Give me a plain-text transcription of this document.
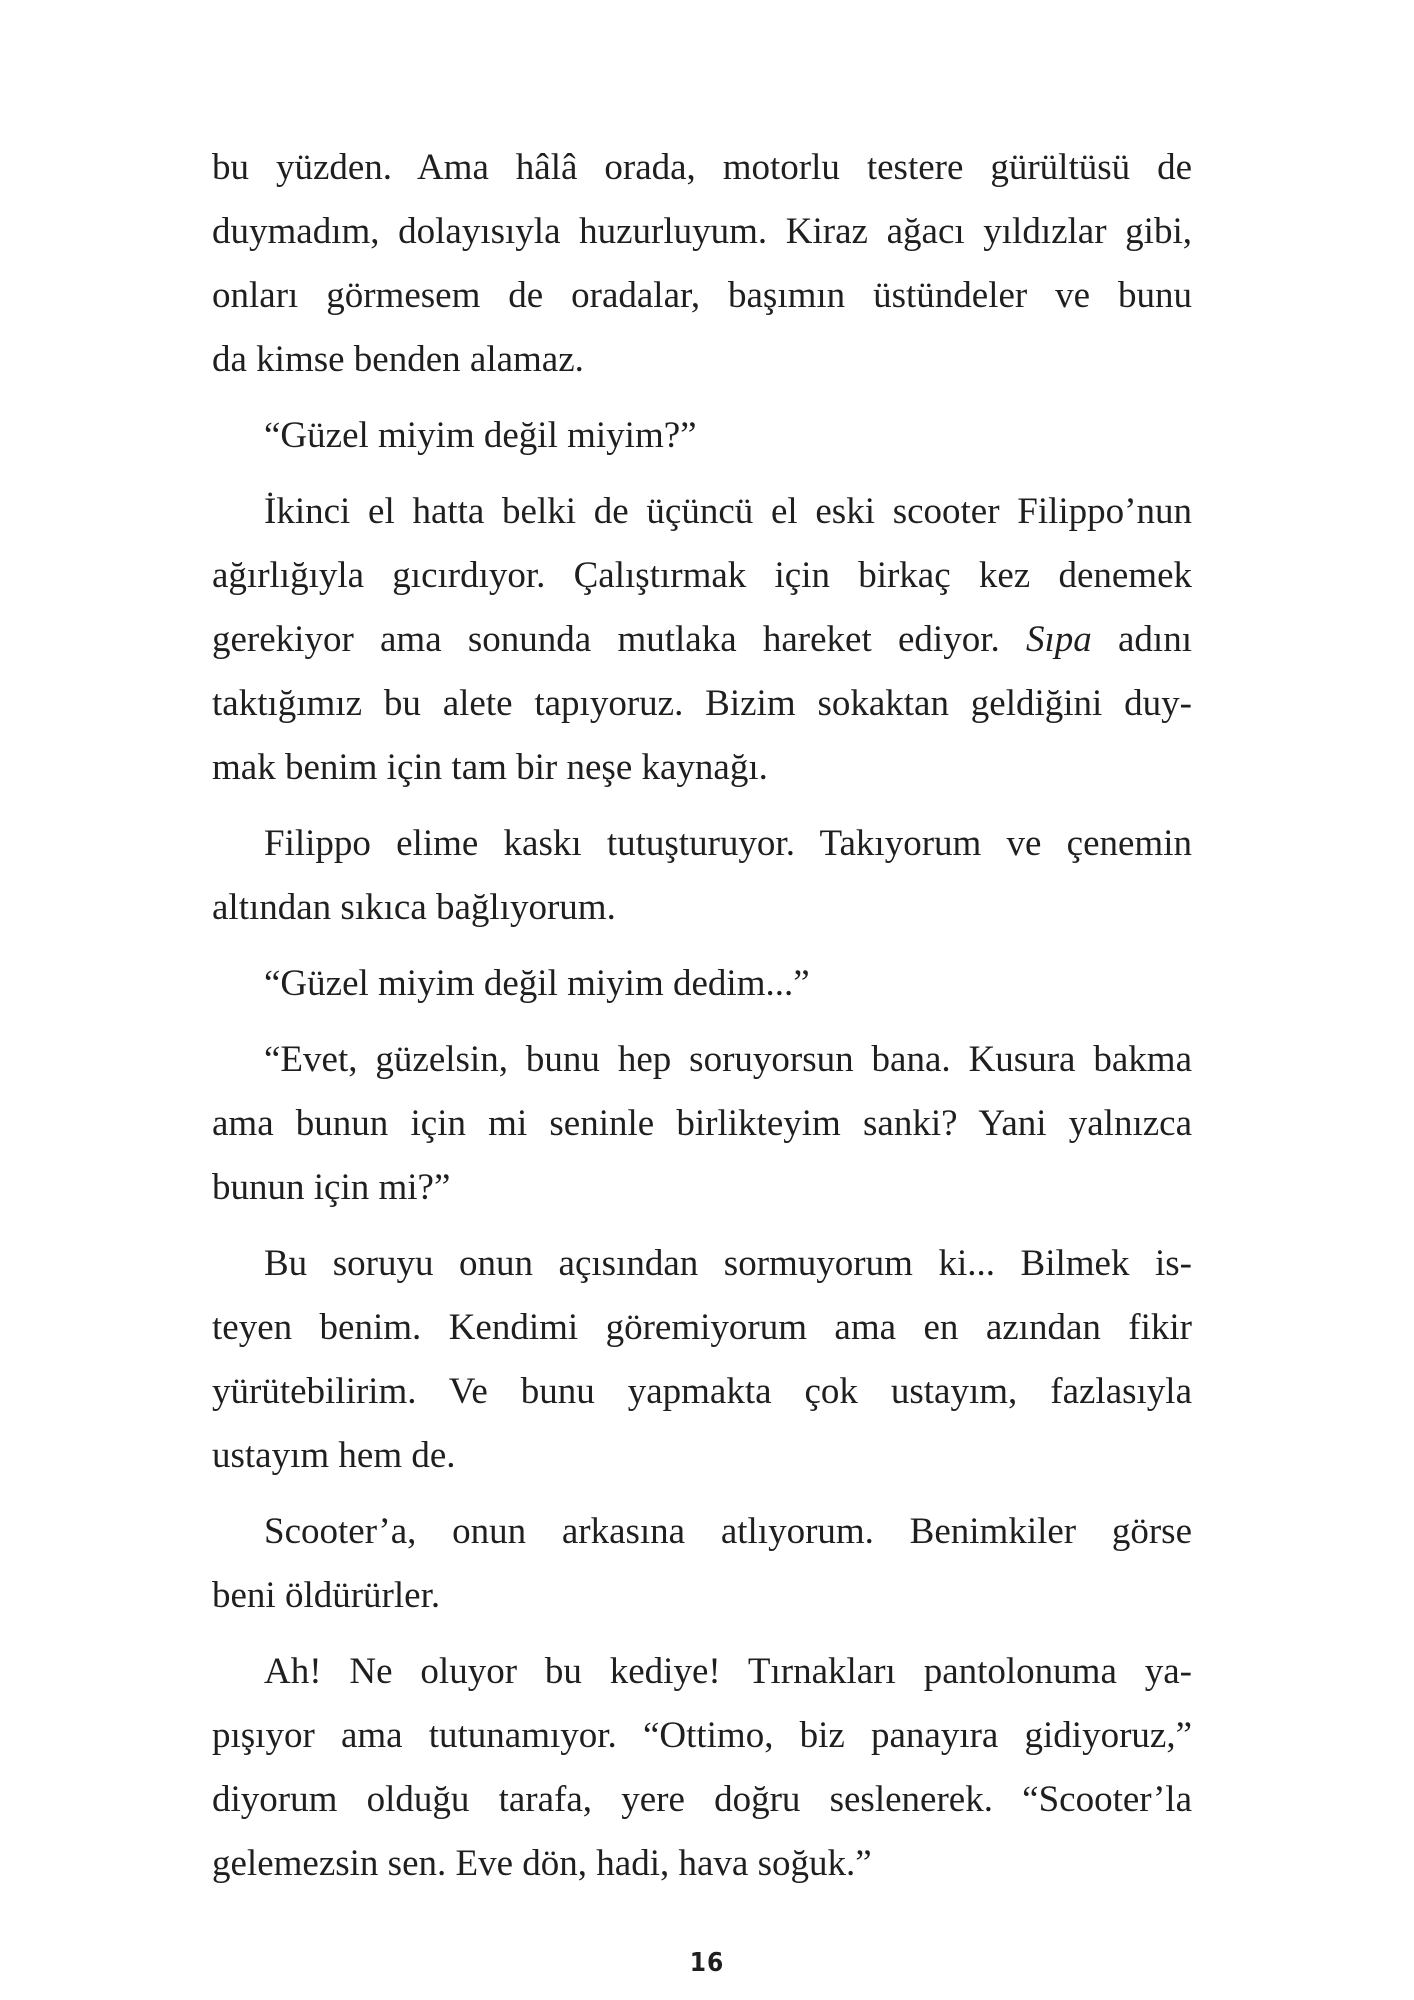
bu yüzden. Ama hâlâ orada, motorlu testere gürültüsü de
duymadım, dolayısıyla huzurluyum. Kiraz ağacı yıldızlar gibi,
onları görmesem de oradalar, başımın üstündeler ve bunu
da kimse benden alamaz.
“Güzel miyim değil miyim?”
İkinci el hatta belki de üçüncü el eski scooter Filippo’nun
ağırlığıyla gıcırdıyor. Çalıştırmak için birkaç kez denemek
gerekiyor ama sonunda mutlaka hareket ediyor. Sıpa adını
taktığımız bu alete tapıyoruz. Bizim sokaktan geldiğini duy-
mak benim için tam bir neşe kaynağı.
Filippo elime kaskı tutuşturuyor. Takıyorum ve çenemin
altından sıkıca bağlıyorum.
“Güzel miyim değil miyim dedim...”
“Evet, güzelsin, bunu hep soruyorsun bana. Kusura bakma
ama bunun için mi seninle birlikteyim sanki? Yani yalnızca
bunun için mi?”
Bu soruyu onun açısından sormuyorum ki... Bilmek is-
teyen benim. Kendimi göremiyorum ama en azından fikir
yürütebilirim. Ve bunu yapmakta çok ustayım, fazlasıyla
ustayım hem de.
Scooter’a, onun arkasına atlıyorum. Benimkiler görse
beni öldürürler.
Ah! Ne oluyor bu kediye! Tırnakları pantolonuma ya-
pışıyor ama tutunamıyor. “Ottimo, biz panayıra gidiyoruz,”
diyorum olduğu tarafa, yere doğru seslenerek. “Scooter’la
gelemezsin sen. Eve dön, hadi, hava soğuk.”
16
